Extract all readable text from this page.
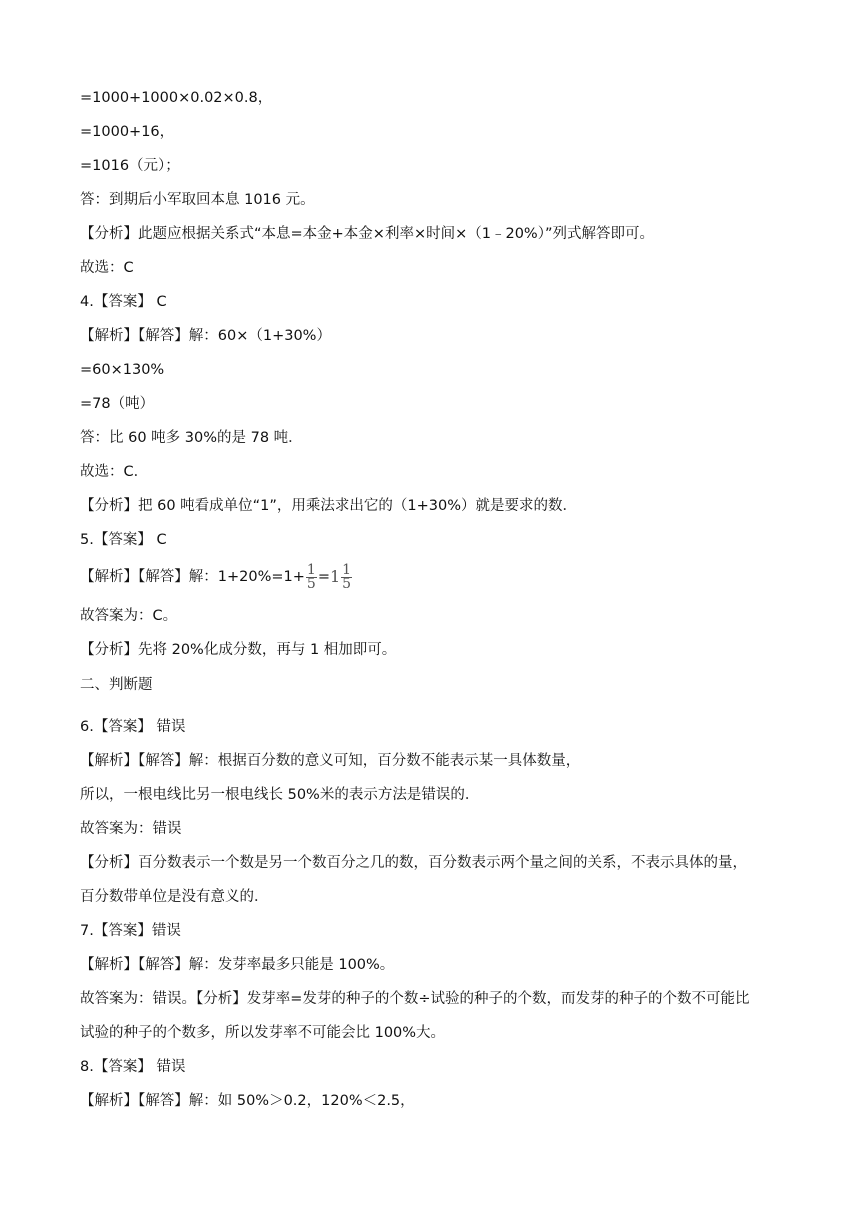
=1000+1000×0.02×0.8，
=1000+16，
=1016（元）；
答：到期后小军取回本息 1016 元。
【分析】此题应根据关系式“本息=本金+本金×利率×时间×（1﹣20%）”列式解答即可。
故选：C
4.【答案】 C
【解析】【解答】解：60×（1+30%）
=60×130%
=78（吨）
答：比 60 吨多 30%的是 78 吨．
故选：C．
【分析】把 60 吨看成单位“1”，用乘法求出它的（1+30%）就是要求的数．
5.【答案】 C
【解析】【解答】解：$1+20\%=1+ \frac{1}{5} =1 \frac{1}{5}$
故答案为：C。
【分析】先将 20%化成分数，再与 1 相加即可。
二、判断题
6.【答案】 错误
【解析】【解答】解：根据百分数的意义可知，百分数不能表示某一具体数量，
所以，一根电线比另一根电线长 50%米的表示方法是错误的．
故答案为：错误
【分析】百分数表示一个数是另一个数百分之几的数，百分数表示两个量之间的关系，不表示具体的量，
百分数带单位是没有意义的．
7.【答案】错误
【解析】【解答】解：发芽率最多只能是 100%。
故答案为：错误。【分析】发芽率=发芽的种子的个数÷试验的种子的个数，而发芽的种子的个数不可能比
试验的种子的个数多，所以发芽率不可能会比 100%大。
8.【答案】 错误
【解析】【解答】解：如 50%＞0.2，120%＜2.5，
